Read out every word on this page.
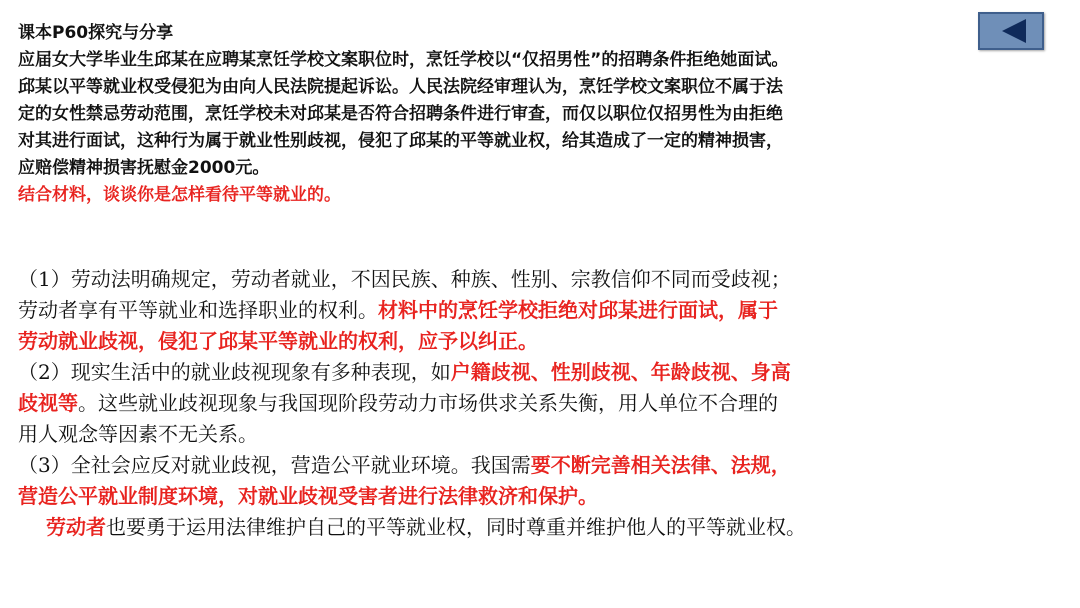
课本P60探究与分享
应届女大学毕业生邱某在应聘某烹饪学校文案职位时，烹饪学校以“仅招男性”的招聘条件拒绝她面试。
邱某以平等就业权受侵犯为由向人民法院提起诉讼。人民法院经审理认为，烹饪学校文案职位不属于法
定的女性禁忌劳动范围，烹饪学校未对邱某是否符合招聘条件进行审查，而仅以职位仅招男性为由拒绝
对其进行面试，这种行为属于就业性别歧视，侵犯了邱某的平等就业权，给其造成了一定的精神损害，
应赔偿精神损害抚慰金2000元。
结合材料，谈谈你是怎样看待平等就业的。
（1）劳动法明确规定，劳动者就业，不因民族、种族、性别、宗教信仰不同而受歧视；
劳动者享有平等就业和选择职业的权利。材料中的烹饪学校拒绝对邱某进行面试，属于
劳动就业歧视，侵犯了邱某平等就业的权利，应予以纠正。
（2）现实生活中的就业歧视现象有多种表现，如户籍歧视、性别歧视、年龄歧视、身高
歧视等。这些就业歧视现象与我国现阶段劳动力市场供求关系失衡，用人单位不合理的
用人观念等因素不无关系。
（3）全社会应反对就业歧视，营造公平就业环境。我国需要不断完善相关法律、法规，
营造公平就业制度环境，对就业歧视受害者进行法律救济和保护。
劳动者也要勇于运用法律维护自己的平等就业权，同时尊重并维护他人的平等就业权。
